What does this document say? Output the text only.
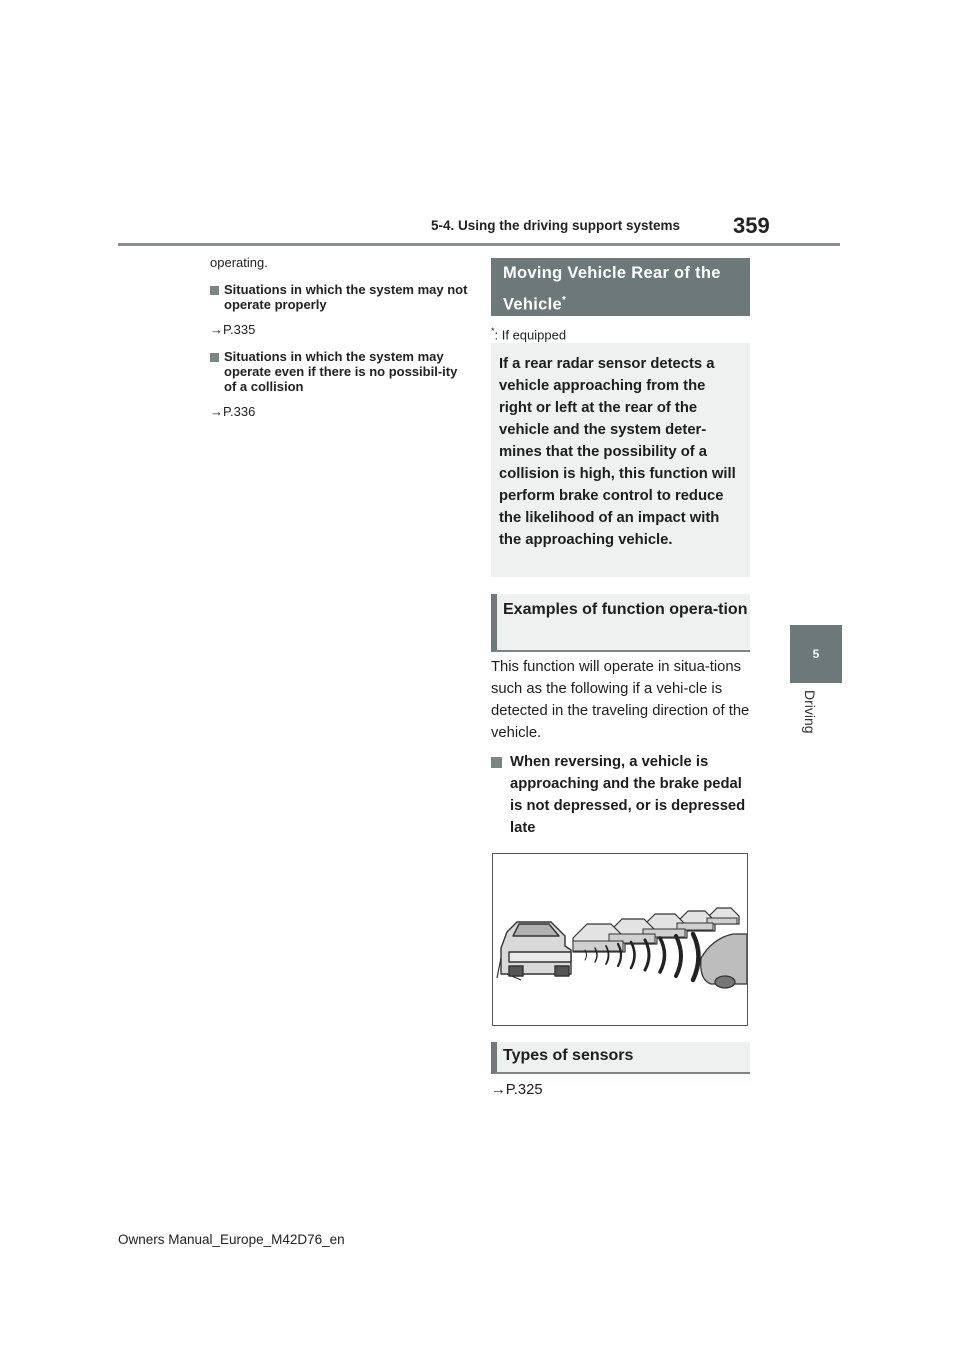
5-4. Using the driving support systems 359
5
Driving

operating.

Situations in which the system may not operate properly

→P.335

Situations in which the system may operate even if there is no possibil-ity of a collision

→P.336

Moving Vehicle Rear of the Vehicle*
*: If equipped
If a rear radar sensor detects a vehicle approaching from the right or left at the rear of the vehicle and the system deter-mines that the possibility of a collision is high, this function will perform brake control to reduce the likelihood of an impact with the approaching vehicle.
Examples of function opera-tion
This function will operate in situa-tions such as the following if a vehi-cle is detected in the traveling direction of the vehicle.
When reversing, a vehicle is approaching and the brake pedal is not depressed, or is depressed late
Types of sensors
→P.325
Owners Manual_Europe_M42D76_en
